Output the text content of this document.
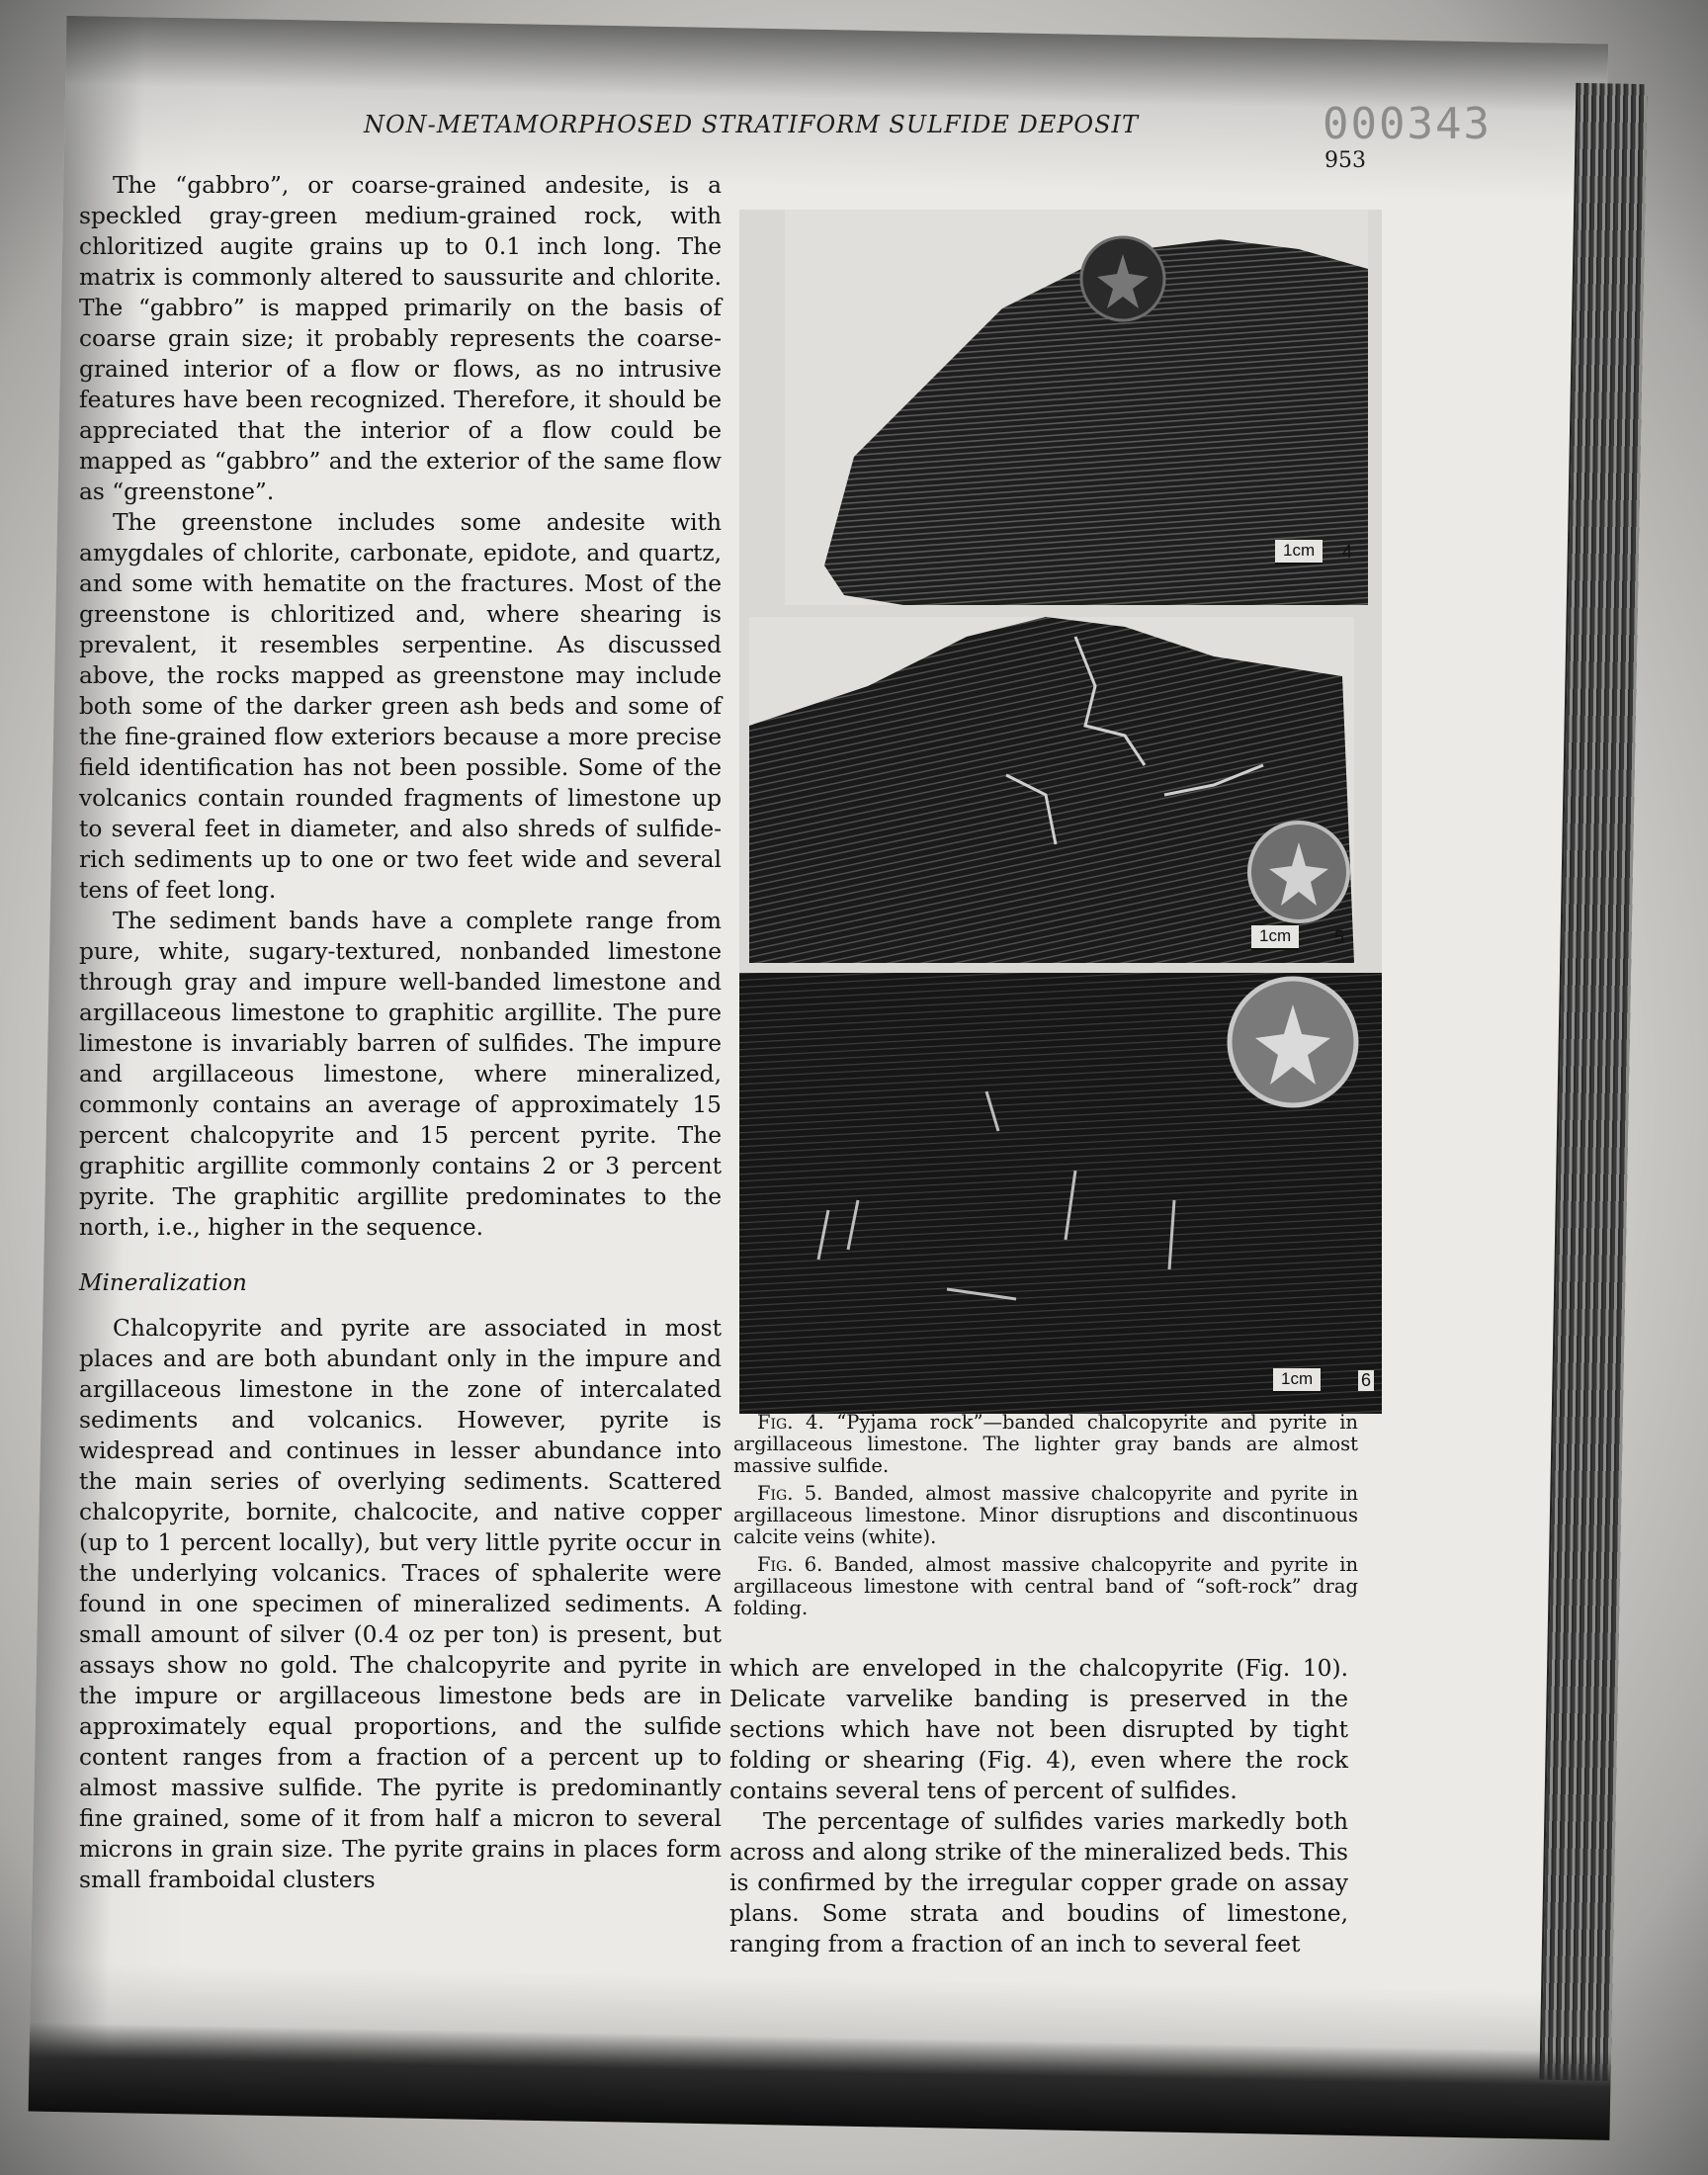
NON-METAMORPHOSED STRATIFORM SULFIDE DEPOSIT	000343
953

The “gabbro”, or coarse-grained andesite, is a speckled gray-green medium-grained rock, with chloritized augite grains up to 0.1 inch long. The matrix is commonly altered to saussurite and chlorite. The “gabbro” is mapped primarily on the basis of coarse grain size; it probably represents the coarse-grained interior of a flow or flows, as no intrusive features have been recognized. Therefore, it should be appreciated that the interior of a flow could be mapped as “gabbro” and the exterior of the same flow as “greenstone”.

The greenstone includes some andesite with amygdales of chlorite, carbonate, epidote, and quartz, and some with hematite on the fractures. Most of the greenstone is chloritized and, where shearing is prevalent, it resembles serpentine. As discussed above, the rocks mapped as greenstone may include both some of the darker green ash beds and some of the fine-grained flow exteriors because a more precise field identification has not been possible. Some of the volcanics contain rounded fragments of limestone up to several feet in diameter, and also shreds of sulfide-rich sediments up to one or two feet wide and several tens of feet long.

The sediment bands have a complete range from pure, white, sugary-textured, nonbanded limestone through gray and impure well-banded limestone and argillaceous limestone to graphitic argillite. The pure limestone is invariably barren of sulfides. The impure and argillaceous limestone, where mineralized, commonly contains an average of approximately 15 percent chalcopyrite and 15 percent pyrite. The graphitic argillite commonly contains 2 or 3 percent pyrite. The graphitic argillite predominates to the north, i.e., higher in the sequence.

Mineralization

Chalcopyrite and pyrite are associated in most places and are both abundant only in the impure and argillaceous limestone in the zone of intercalated sediments and volcanics. However, pyrite is widespread and continues in lesser abundance into the main series of overlying sediments. Scattered chalcopyrite, bornite, chalcocite, and native copper (up to 1 percent locally), but very little pyrite occur in the underlying volcanics. Traces of sphalerite were found in one specimen of mineralized sediments. A small amount of silver (0.4 oz per ton) is present, but assays show no gold. The chalcopyrite and pyrite in the impure or argillaceous limestone beds are in approximately equal proportions, and the sulfide content ranges from a fraction of a percent up to almost massive sulfide. The pyrite is predominantly fine grained, some of it from half a micron to several microns in grain size. The pyrite grains in places form small framboidal clusters

1cm	4
1cm	5
1cm	6

Fig. 4. “Pyjama rock”—banded chalcopyrite and pyrite in argillaceous limestone. The lighter gray bands are almost massive sulfide.

Fig. 5. Banded, almost massive chalcopyrite and pyrite in argillaceous limestone. Minor disruptions and discontinuous calcite veins (white).

Fig. 6. Banded, almost massive chalcopyrite and pyrite in argillaceous limestone with central band of “soft-rock” drag folding.

which are enveloped in the chalcopyrite (Fig. 10). Delicate varvelike banding is preserved in the sections which have not been disrupted by tight folding or shearing (Fig. 4), even where the rock contains several tens of percent of sulfides.

The percentage of sulfides varies markedly both across and along strike of the mineralized beds. This is confirmed by the irregular copper grade on assay plans. Some strata and boudins of limestone, ranging from a fraction of an inch to several feet
